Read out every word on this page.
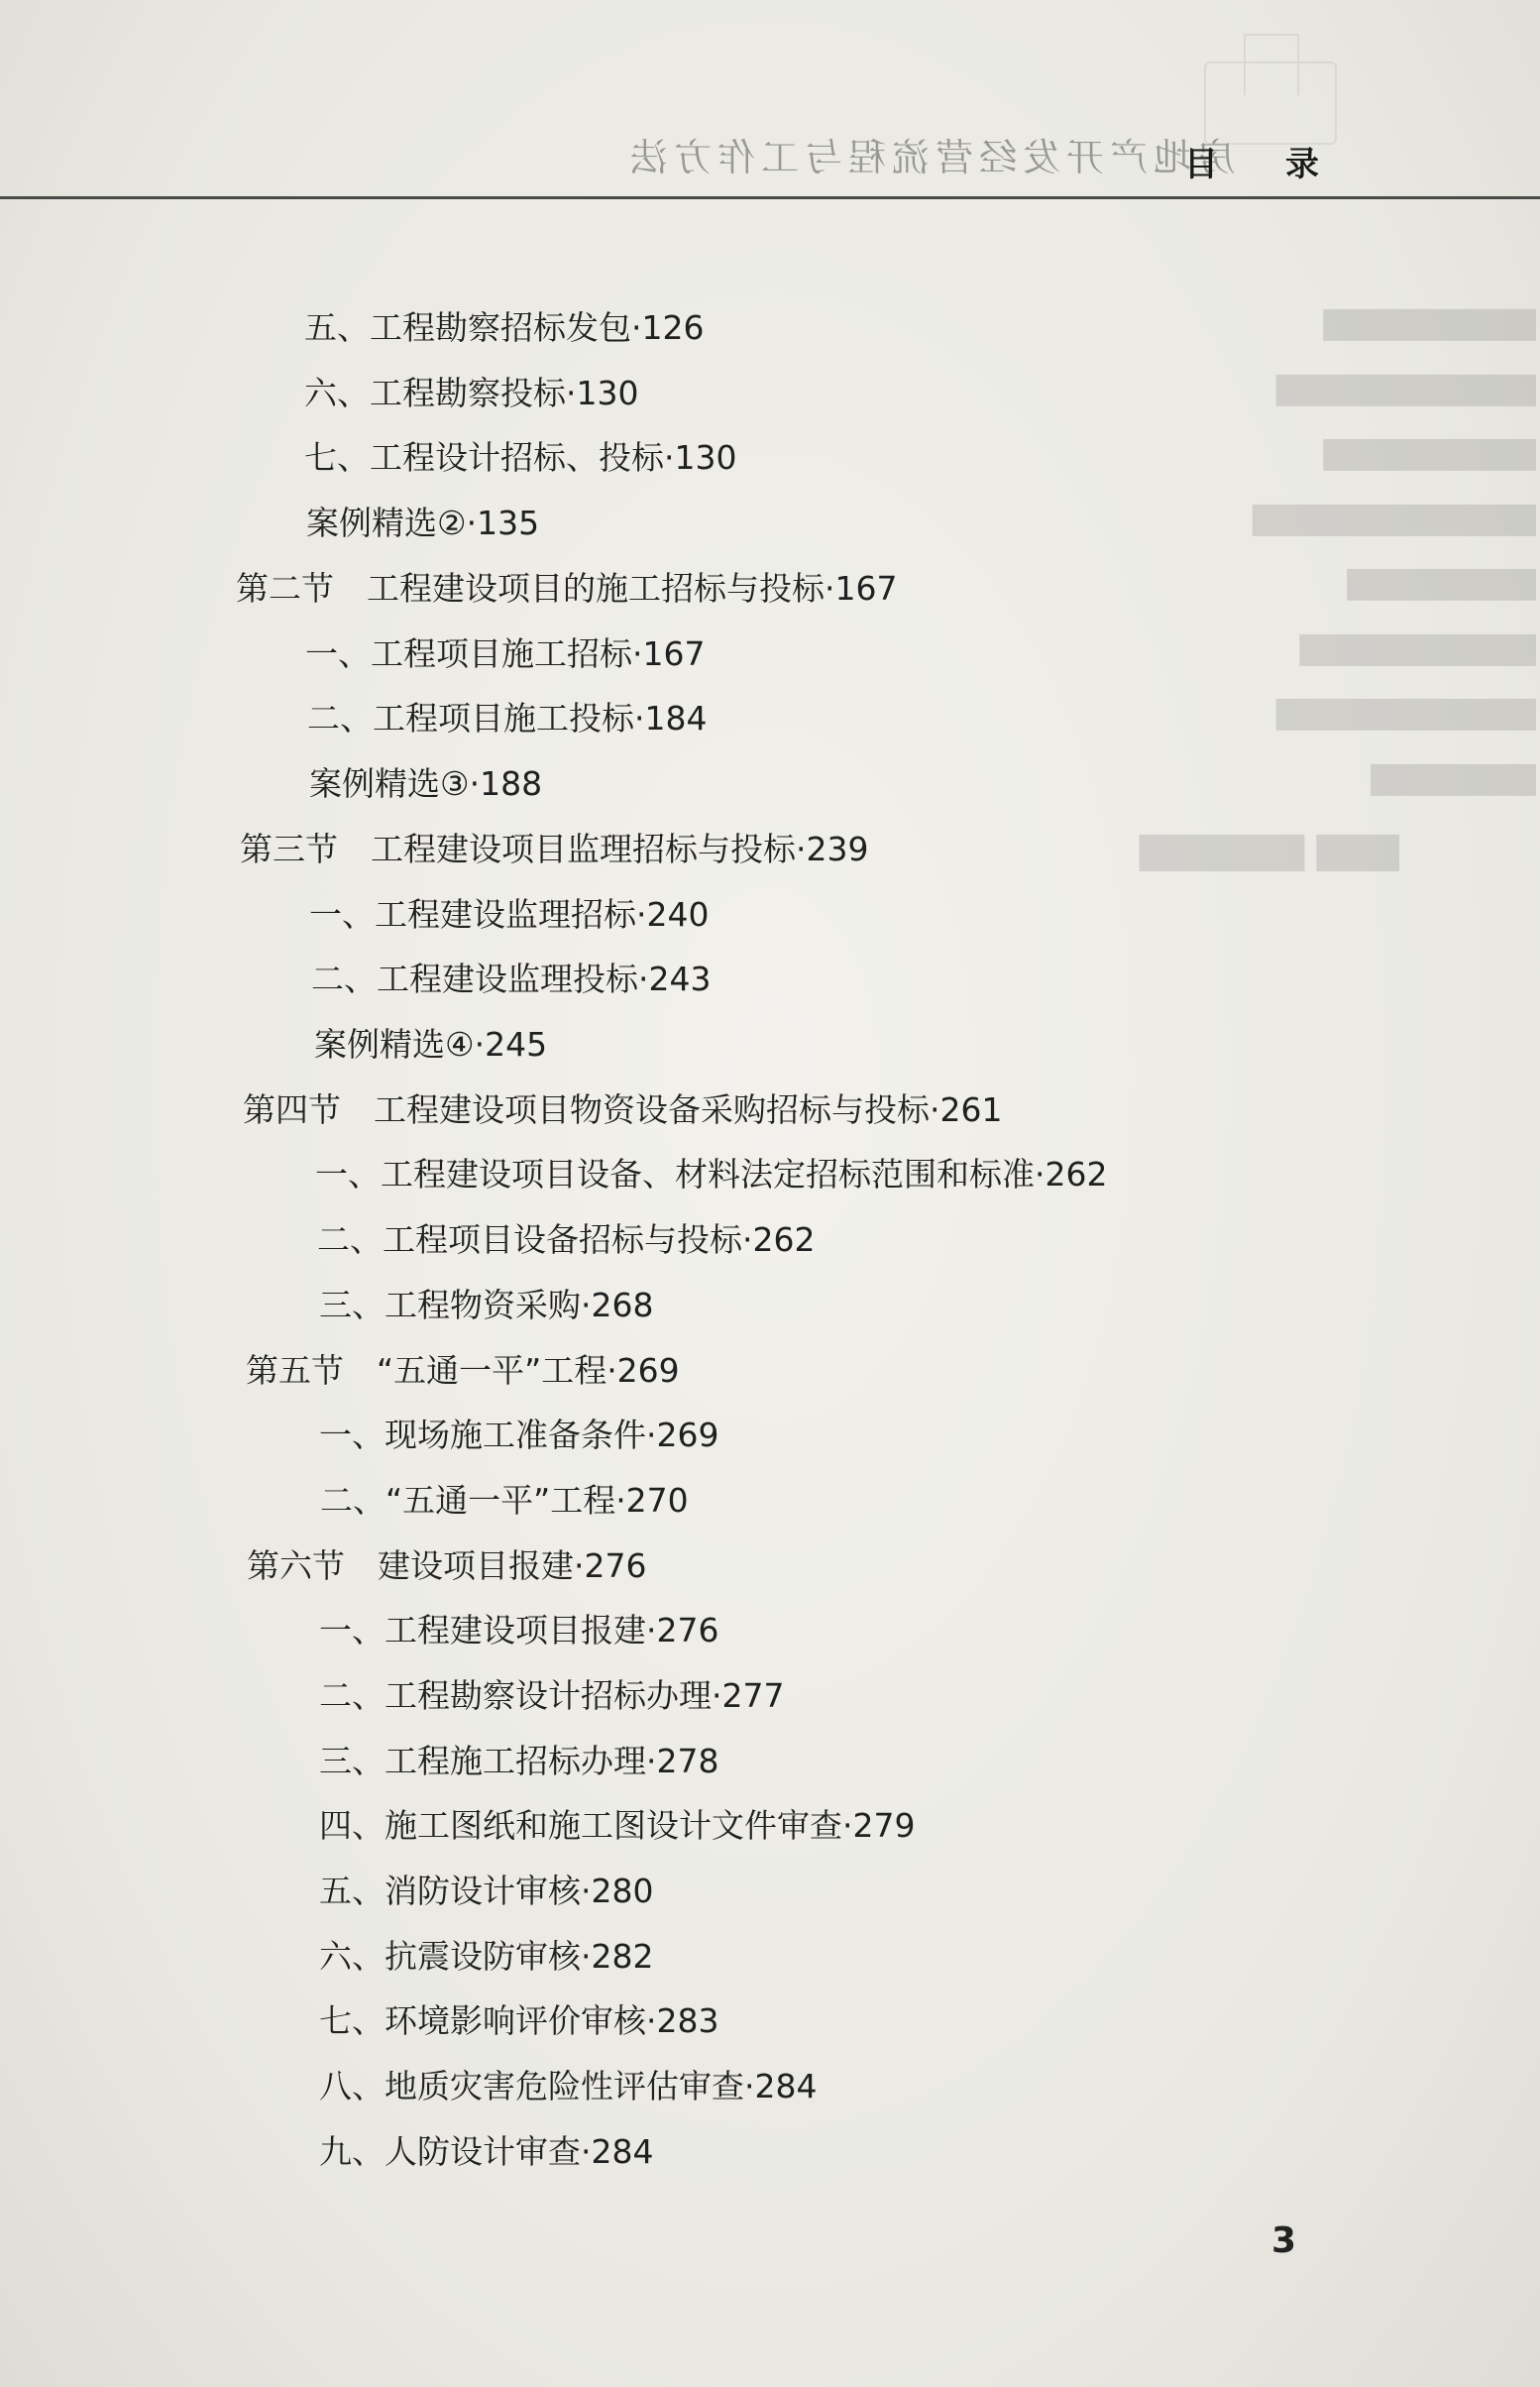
房地产开发经营流程与工作方法
目录
▇▇▇ ▇▇▇▇▇▇
▇▇▇▇▇▇▇▇▇
▇▇▇▇▇▇▇▇▇▇▇
▇▇▇▇▇▇▇▇▇
▇▇▇▇▇▇▇▇▇▇▇▇
▇▇▇▇▇▇▇▇
▇▇▇▇▇▇▇▇▇▇
▇▇▇▇▇▇▇▇▇▇▇
▇▇▇▇▇▇▇
五、工程勘察招标发包·126
六、工程勘察投标·130
七、工程设计招标、投标·130
案例精选②·135
第二节　工程建设项目的施工招标与投标·167
一、工程项目施工招标·167
二、工程项目施工投标·184
案例精选③·188
第三节　工程建设项目监理招标与投标·239
一、工程建设监理招标·240
二、工程建设监理投标·243
案例精选④·245
第四节　工程建设项目物资设备采购招标与投标·261
一、工程建设项目设备、材料法定招标范围和标准·262
二、工程项目设备招标与投标·262
三、工程物资采购·268
第五节　“五通一平”工程·269
一、现场施工准备条件·269
二、“五通一平”工程·270
第六节　建设项目报建·276
一、工程建设项目报建·276
二、工程勘察设计招标办理·277
三、工程施工招标办理·278
四、施工图纸和施工图设计文件审查·279
五、消防设计审核·280
六、抗震设防审核·282
七、环境影响评价审核·283
八、地质灾害危险性评估审查·284
九、人防设计审查·284
3
